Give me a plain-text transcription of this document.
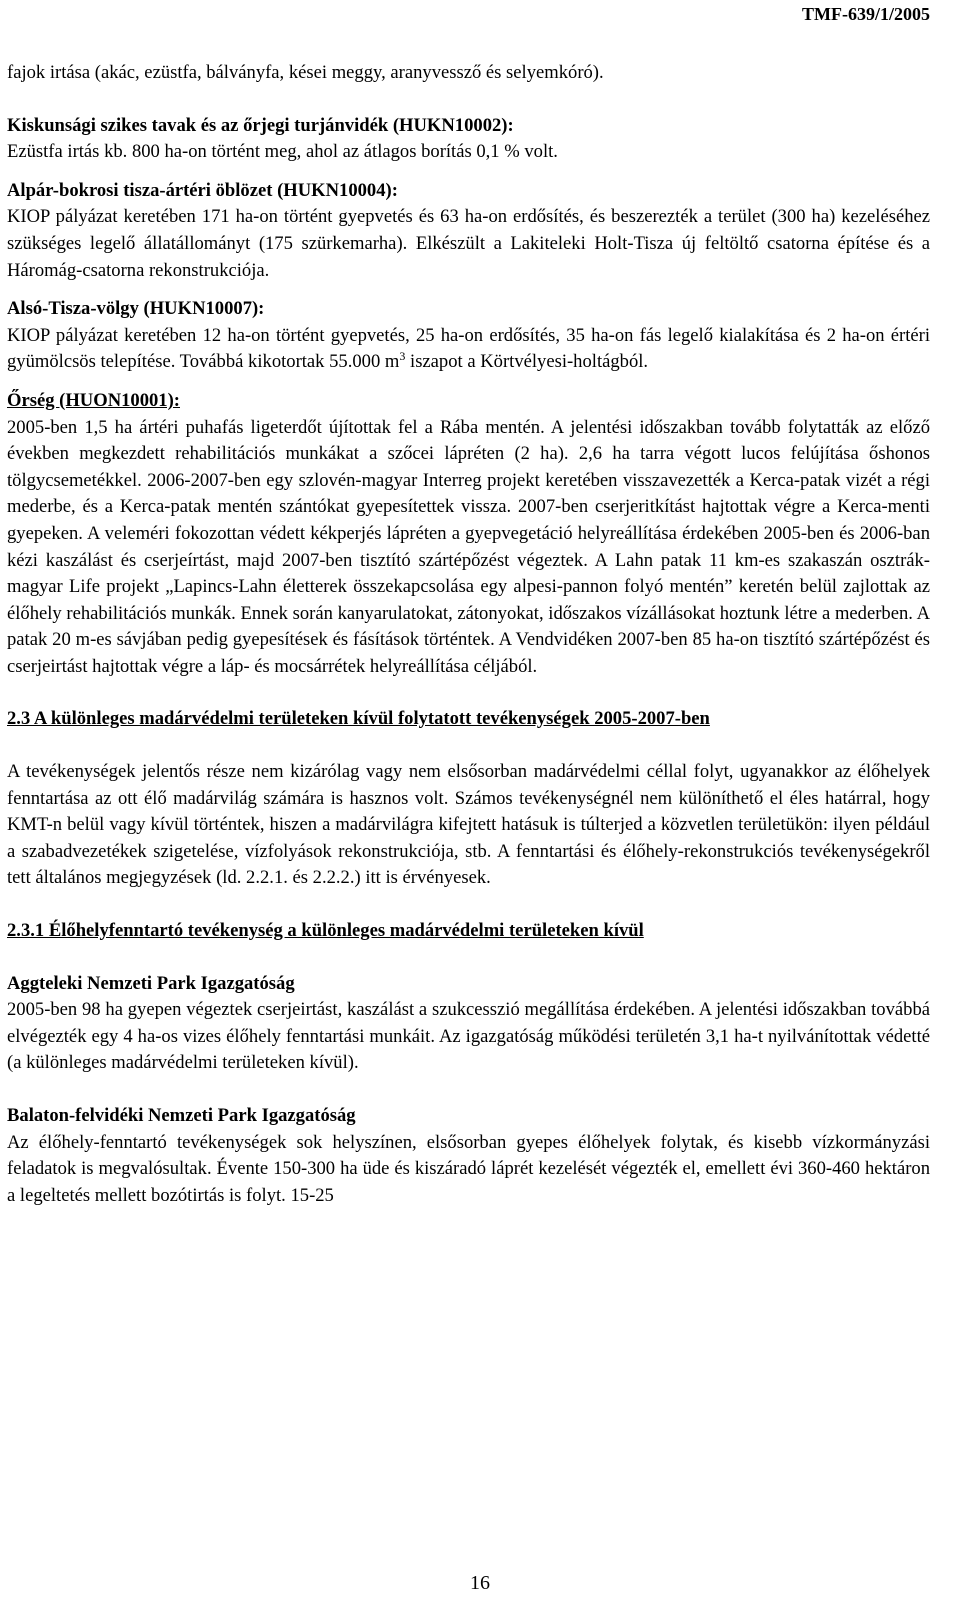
TMF-639/1/2005

fajok irtása (akác, ezüstfa, bálványfa, kései meggy, aranyvessző és selyemkóró).

Kiskunsági szikes tavak és az őrjegi turjánvidék (HUKN10002):

Ezüstfa irtás kb. 800 ha-on történt meg, ahol az átlagos borítás 0,1 % volt.

Alpár-bokrosi tisza-ártéri öblözet (HUKN10004):

KIOP pályázat keretében 171 ha-on történt gyepvetés és 63 ha-on erdősítés, és beszerezték a terület (300 ha) kezeléséhez szükséges legelő állatállományt (175 szürkemarha). Elkészült a Lakiteleki Holt-Tisza új feltöltő csatorna építése és a Háromág-csatorna rekonstrukciója.

Alsó-Tisza-völgy (HUKN10007):

KIOP pályázat keretében 12 ha-on történt gyepvetés, 25 ha-on erdősítés, 35 ha-on fás legelő kialakítása és 2 ha-on értéri gyümölcsös telepítése. Továbbá kikotortak 55.000 $m^3$ iszapot a Körtvélyesi-holtágból.

Őrség (HUON10001):

2005-ben 1,5 ha ártéri puhafás ligeterdőt újítottak fel a Rába mentén. A jelentési időszakban tovább folytatták az előző években megkezdett rehabilitációs munkákat a szőcei lápréten (2 ha). 2,6 ha tarra végott lucos felújítása őshonos tölgycsemetékkel. 2006-2007-ben egy szlovén-magyar Interreg projekt keretében visszavezették a Kerca-patak vizét a régi mederbe, és a Kerca-patak mentén szántókat gyepesítettek vissza. 2007-ben cserjeritkítást hajtottak végre a Kerca-menti gyepeken. A veleméri fokozottan védett kékperjés lápréten a gyepvegetáció helyreállítása érdekében 2005-ben és 2006-ban kézi kaszálást és cserjeírtást, majd 2007-ben tisztító szártépőzést végeztek. A Lahn patak 11 km-es szakaszán osztrák-magyar Life projekt „Lapincs-Lahn életterek összekapcsolása egy alpesi-pannon folyó mentén” keretén belül zajlottak az élőhely rehabilitációs munkák. Ennek során kanyarulatokat, zátonyokat, időszakos vízállásokat hoztunk létre a mederben. A patak 20 m-es sávjában pedig gyepesítések és fásítások történtek. A Vendvidéken 2007-ben 85 ha-on tisztító szártépőzést és cserjeirtást hajtottak végre a láp- és mocsárrétek helyreállítása céljából.

2.3 A különleges madárvédelmi területeken kívül folytatott tevékenységek 2005-2007-ben

A tevékenységek jelentős része nem kizárólag vagy nem elsősorban madárvédelmi céllal folyt, ugyanakkor az élőhelyek fenntartása az ott élő madárvilág számára is hasznos volt. Számos tevékenységnél nem különíthető el éles határral, hogy KMT-n belül vagy kívül történtek, hiszen a madárvilágra kifejtett hatásuk is túlterjed a közvetlen területükön: ilyen például a szabadvezetékek szigetelése, vízfolyások rekonstrukciója, stb. A fenntartási és élőhely-rekonstrukciós tevékenységekről tett általános megjegyzések (ld. 2.2.1. és 2.2.2.) itt is érvényesek.

2.3.1 Élőhelyfenntartó tevékenység a különleges madárvédelmi területeken kívül

Aggteleki Nemzeti Park Igazgatóság

2005-ben 98 ha gyepen végeztek cserjeirtást, kaszálást a szukcesszió megállítása érdekében. A jelentési időszakban továbbá elvégezték egy 4 ha-os vizes élőhely fenntartási munkáit. Az igazgatóság működési területén 3,1 ha-t nyilvánítottak védetté (a különleges madárvédelmi területeken kívül).

Balaton-felvidéki Nemzeti Park Igazgatóság

Az élőhely-fenntartó tevékenységek sok helyszínen, elsősorban gyepes élőhelyek folytak, és kisebb vízkormányzási feladatok is megvalósultak. Évente 150-300 ha üde és kiszáradó láprét kezelését végezték el, emellett évi 360-460 hektáron a legeltetés mellett bozótirtás is folyt. 15-25

16
